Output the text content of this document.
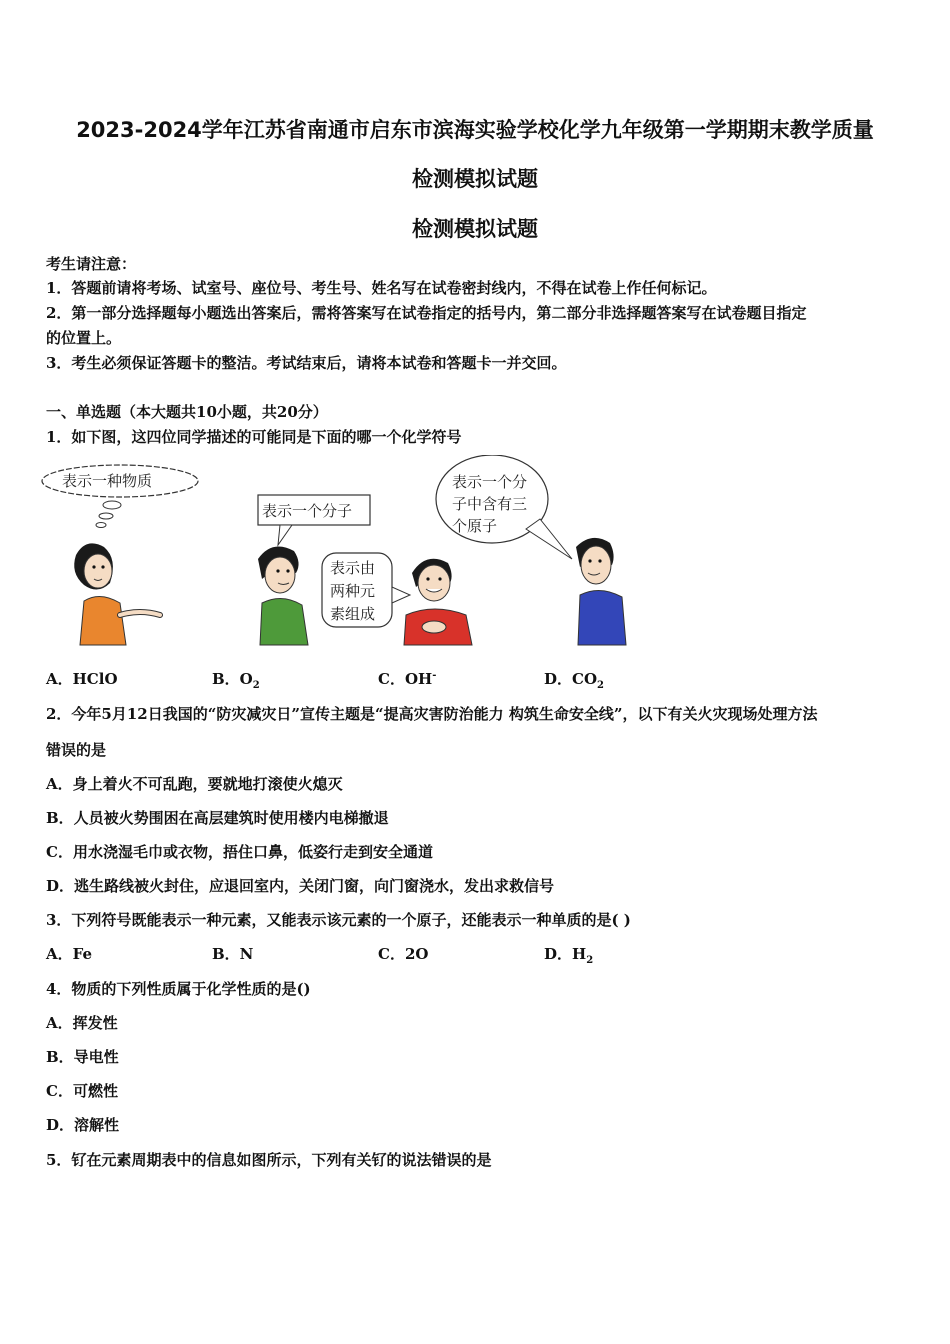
2023-2024学年江苏省南通市启东市滨海实验学校化学九年级第一学期期末教学质量
检测模拟试题
检测模拟试题
考生请注意：
1．答题前请将考场、试室号、座位号、考生号、姓名写在试卷密封线内，不得在试卷上作任何标记。
2．第一部分选择题每小题选出答案后，需将答案写在试卷指定的括号内，第二部分非选择题答案写在试卷题目指定
的位置上。
3．考生必须保证答题卡的整洁。考试结束后，请将本试卷和答题卡一并交回。
一、单选题（本大题共10小题，共20分）
1．如下图，这四位同学描述的可能同是下面的哪一个化学符号
表示一种物质
表示一个分子
表示由
两种元
素组成
表示一个分
子中含有三
个原子
A．HClO	B．$O_2$	C．OH-	D．$CO_2$
2．今年5月12日我国的“防灾减灾日”宣传主题是“提高灾害防治能力 构筑生命安全线”，以下有关火灾现场处理方法
错误的是
A．身上着火不可乱跑，要就地打滚使火熄灭
B．人员被火势围困在高层建筑时使用楼内电梯撤退
C．用水浇湿毛巾或衣物，捂住口鼻，低姿行走到安全通道
D．逃生路线被火封住，应退回室内，关闭门窗，向门窗浇水，发出求救信号
3．下列符号既能表示一种元素，又能表示该元素的一个原子，还能表示一种单质的是( )
A．Fe	B．N	C．2O	D．$H_2$
4．物质的下列性质属于化学性质的是()
A．挥发性
B．导电性
C．可燃性
D．溶解性
5．钌在元素周期表中的信息如图所示，下列有关钌的说法错误的是
